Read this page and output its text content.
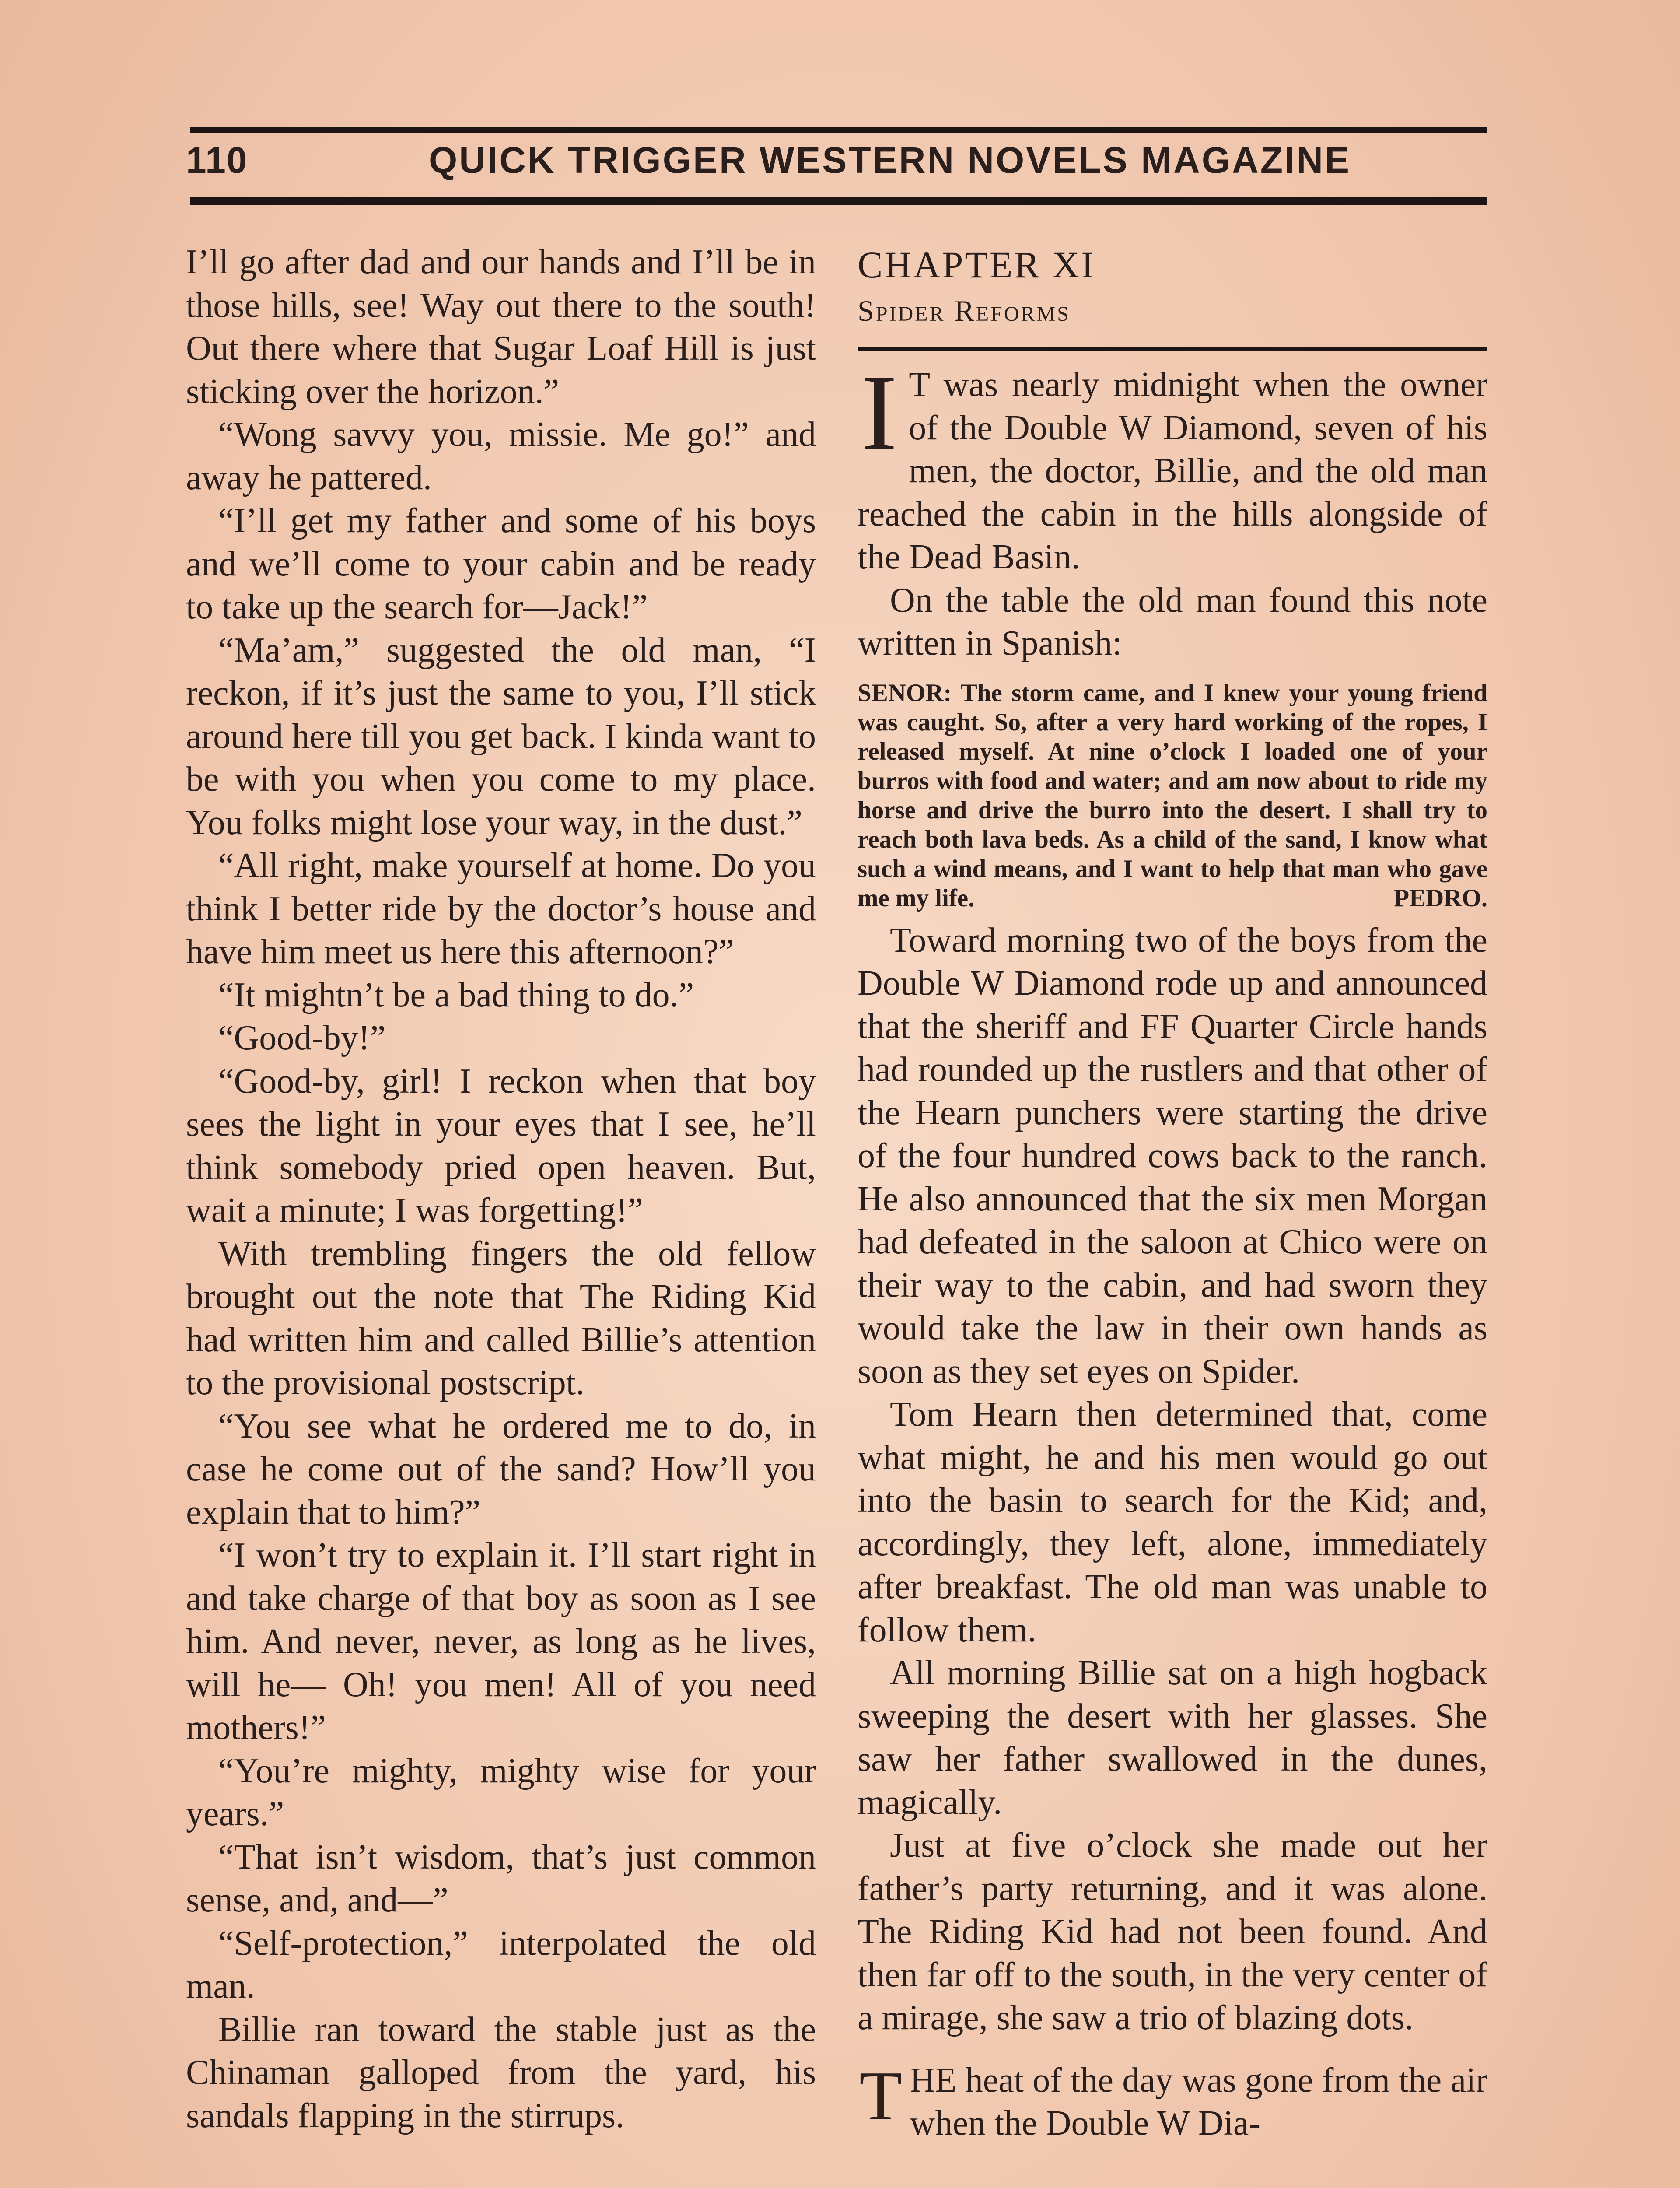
110	QUICK TRIGGER WESTERN NOVELS MAGAZINE

I’ll go after dad and our hands and I’ll be in those hills, see! Way out there to the south! Out there where that Sugar Loaf Hill is just sticking over the horizon.”

“Wong savvy you, missie. Me go!” and away he pattered.

“I’ll get my father and some of his boys and we’ll come to your cabin and be ready to take up the search for—Jack!”

“Ma’am,” suggested the old man, “I reckon, if it’s just the same to you, I’ll stick around here till you get back. I kinda want to be with you when you come to my place. You folks might lose your way, in the dust.”

“All right, make yourself at home. Do you think I better ride by the doctor’s house and have him meet us here this afternoon?”

“It mightn’t be a bad thing to do.”

“Good-by!”

“Good-by, girl! I reckon when that boy sees the light in your eyes that I see, he’ll think somebody pried open heaven. But, wait a minute; I was forgetting!”

With trembling fingers the old fellow brought out the note that The Riding Kid had written him and called Billie’s attention to the provisional postscript.

“You see what he ordered me to do, in case he come out of the sand? How’ll you explain that to him?”

“I won’t try to explain it. I’ll start right in and take charge of that boy as soon as I see him. And never, never, as long as he lives, will he— Oh! you men! All of you need mothers!”

“You’re mighty, mighty wise for your years.”

“That isn’t wisdom, that’s just common sense, and, and—”

“Self-protection,” interpolated the old man.

Billie ran toward the stable just as the Chinaman galloped from the yard, his sandals flapping in the stirrups.

CHAPTER XI

Spider Reforms

I T was nearly midnight when the owner of the Double W Diamond, seven of his men, the doctor, Billie, and the old man reached the cabin in the hills alongside of the Dead Basin.

On the table the old man found this note written in Spanish:

SENOR: The storm came, and I knew your young friend was caught. So, after a very hard working of the ropes, I released myself. At nine o’clock I loaded one of your burros with food and water; and am now about to ride my horse and drive the burro into the desert. I shall try to reach both lava beds. As a child of the sand, I know what such a wind means, and I want to help that man who gave me my life.	PEDRO.

Toward morning two of the boys from the Double W Diamond rode up and announced that the sheriff and FF Quarter Circle hands had rounded up the rustlers and that other of the Hearn punchers were starting the drive of the four hundred cows back to the ranch. He also announced that the six men Morgan had defeated in the saloon at Chico were on their way to the cabin, and had sworn they would take the law in their own hands as soon as they set eyes on Spider.

Tom Hearn then determined that, come what might, he and his men would go out into the basin to search for the Kid; and, accordingly, they left, alone, immediately after breakfast. The old man was unable to follow them.

All morning Billie sat on a high hogback sweeping the desert with her glasses. She saw her father swallowed in the dunes, magically.

Just at five o’clock she made out her father’s party returning, and it was alone. The Riding Kid had not been found. And then far off to the south, in the very center of a mirage, she saw a trio of blazing dots.

T HE heat of the day was gone from the air when the Double W Dia-
